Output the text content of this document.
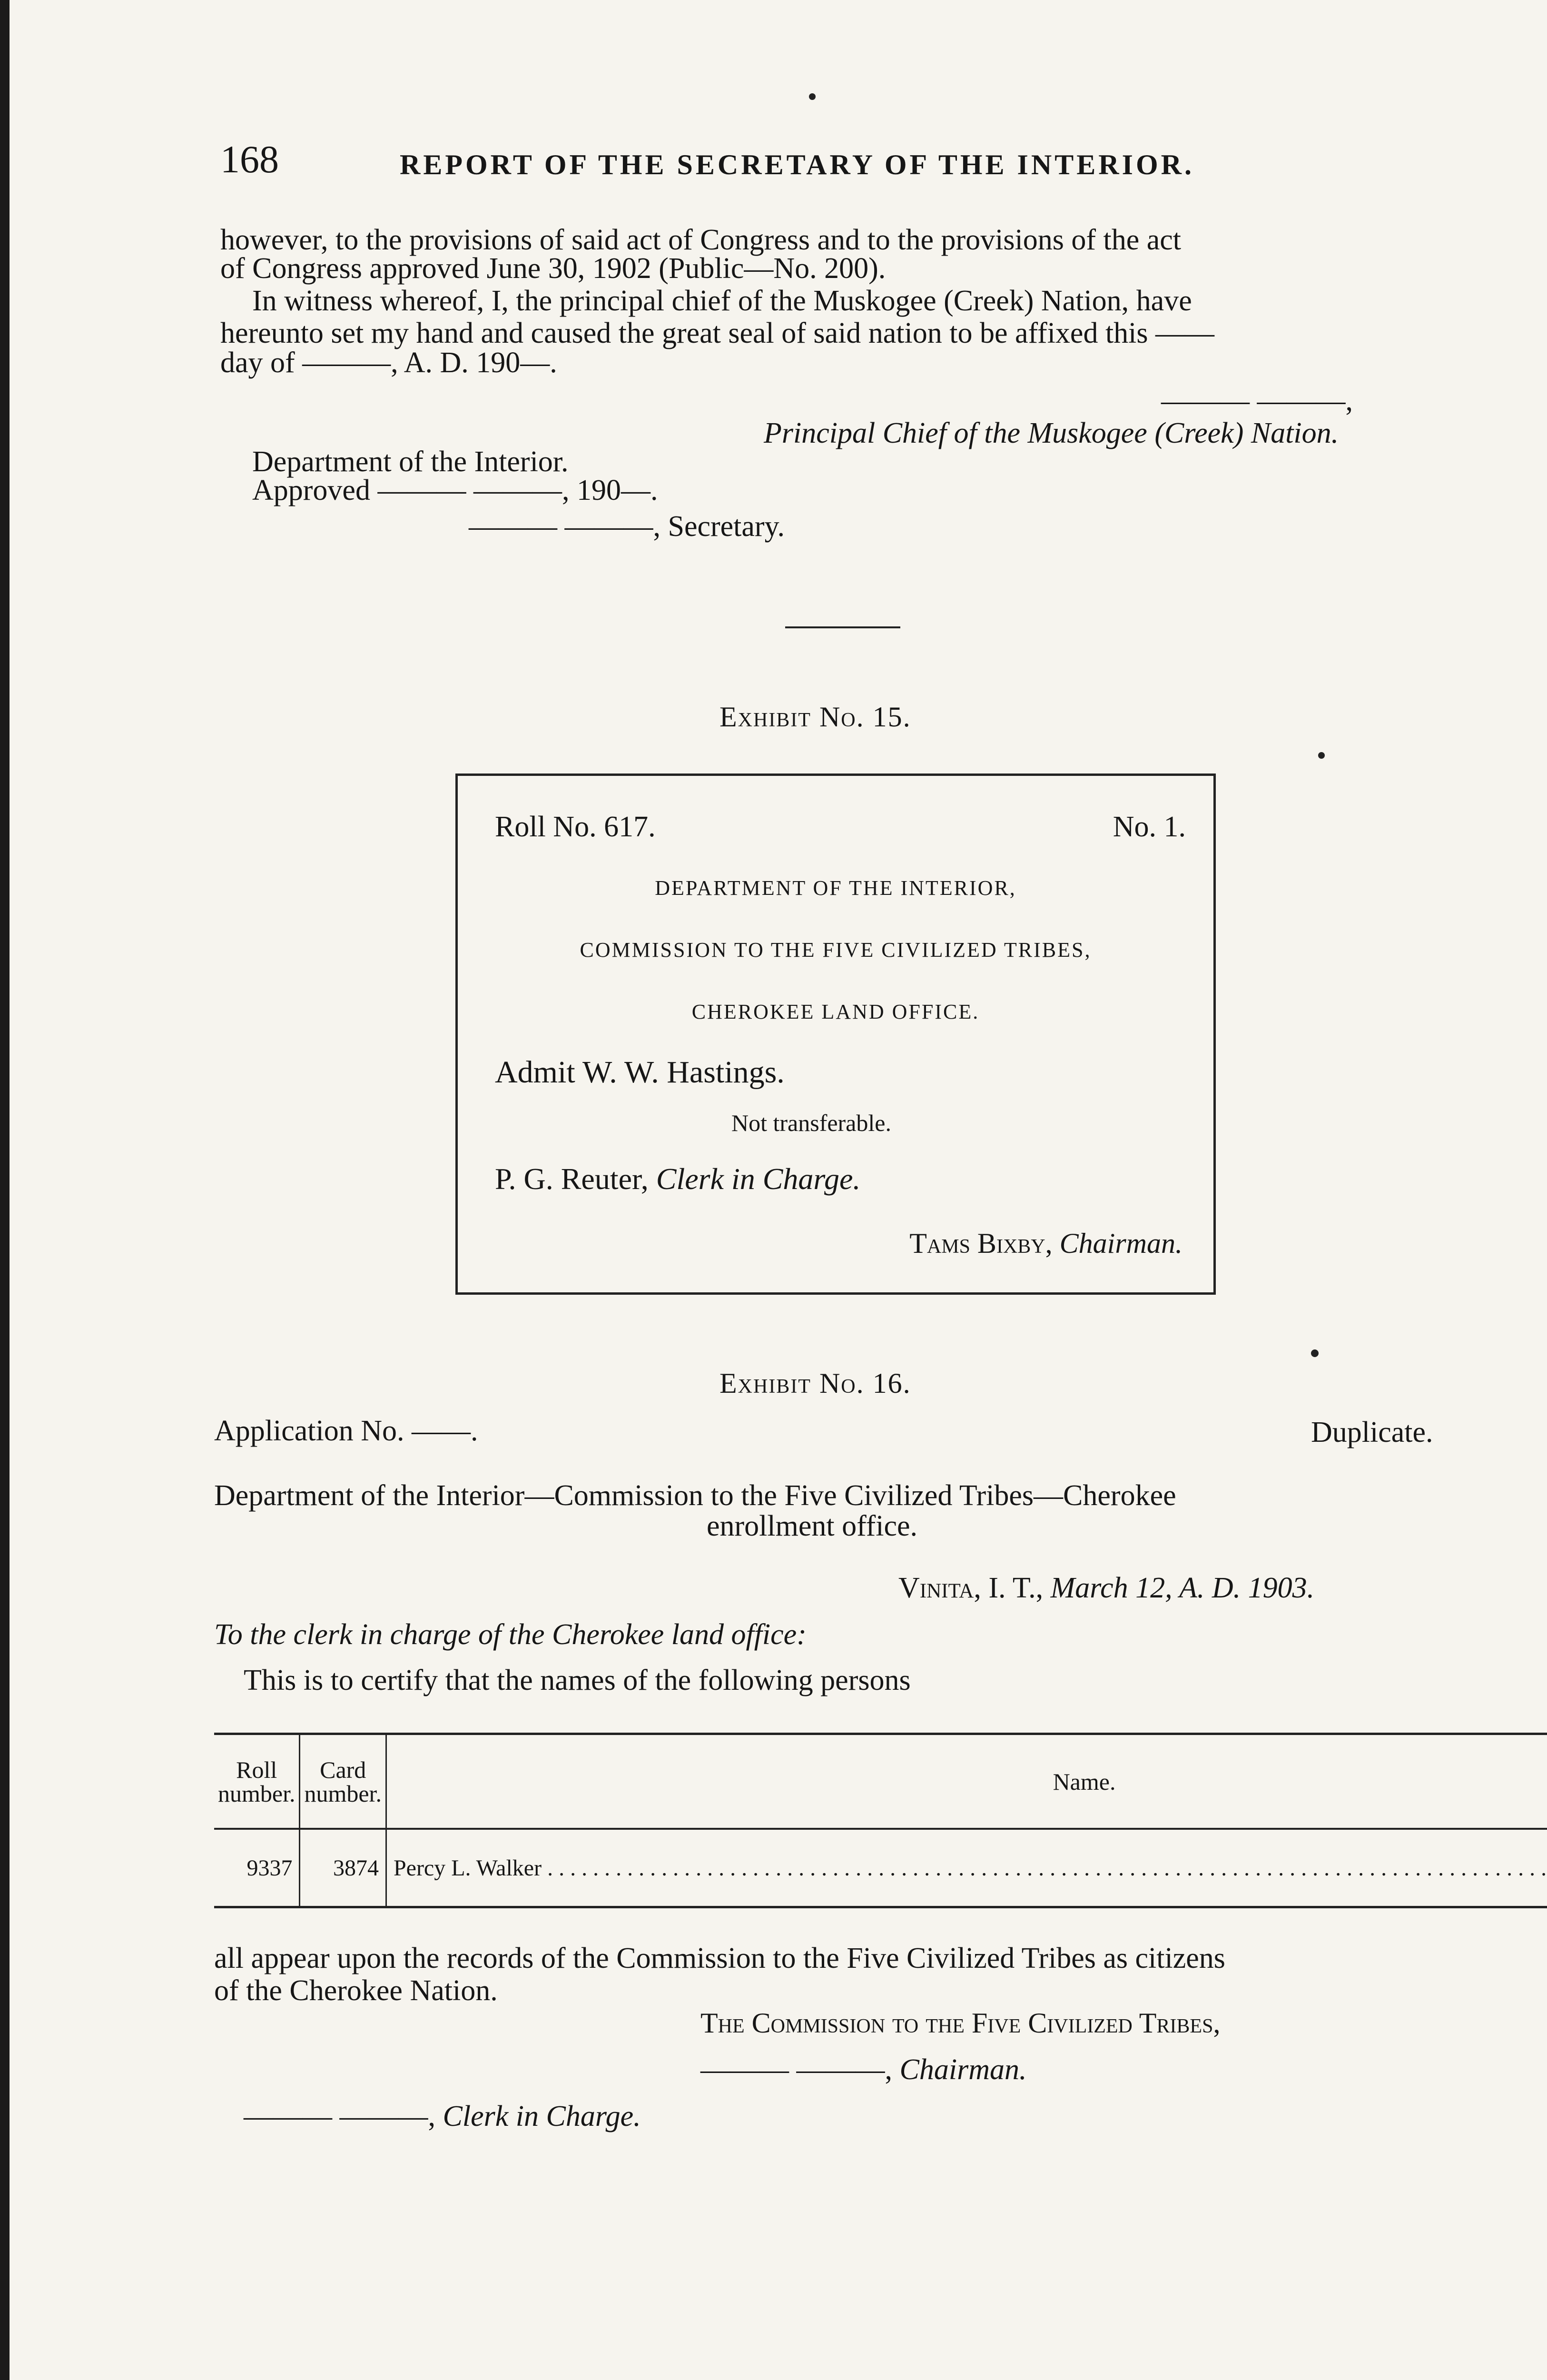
168	REPORT OF THE SECRETARY OF THE INTERIOR.
however, to the provisions of said act of Congress and to the provisions of the act
of Congress approved June 30, 1902 (Public—No. 200).
In witness whereof, I, the principal chief of the Muskogee (Creek) Nation, have
hereunto set my hand and caused the great seal of said nation to be affixed this ——
day of ———, A. D. 190—.
——— ———,
Principal Chief of the Muskogee (Creek) Nation.
Department of the Interior.
Approved ——— ———, 190—.
——— ———, Secretary.
Exhibit No. 15.
Roll No. 617.	No. 1.
DEPARTMENT OF THE INTERIOR,
COMMISSION TO THE FIVE CIVILIZED TRIBES,
CHEROKEE LAND OFFICE.
Admit W. W. Hastings.
Not transferable.
P. G. Reuter, Clerk in Charge.
Tams Bixby, Chairman.
Exhibit No. 16.
Application No. ——.	Duplicate.
Department of the Interior—Commission to the Five Civilized Tribes—Cherokee
enrollment office.
Vinita, I. T., March 12, A. D. 1903.
To the clerk in charge of the Cherokee land office:
This is to certify that the names of the following persons
Roll number.	Card number.	Name.		
9337	3874	Percy L. Walker . . .		
all appear upon the records of the Commission to the Five Civilized Tribes as citizens
of the Cherokee Nation.
The Commission to the Five Civilized Tribes,
——— ———, Chairman.
——— ———, Clerk in Charge.
